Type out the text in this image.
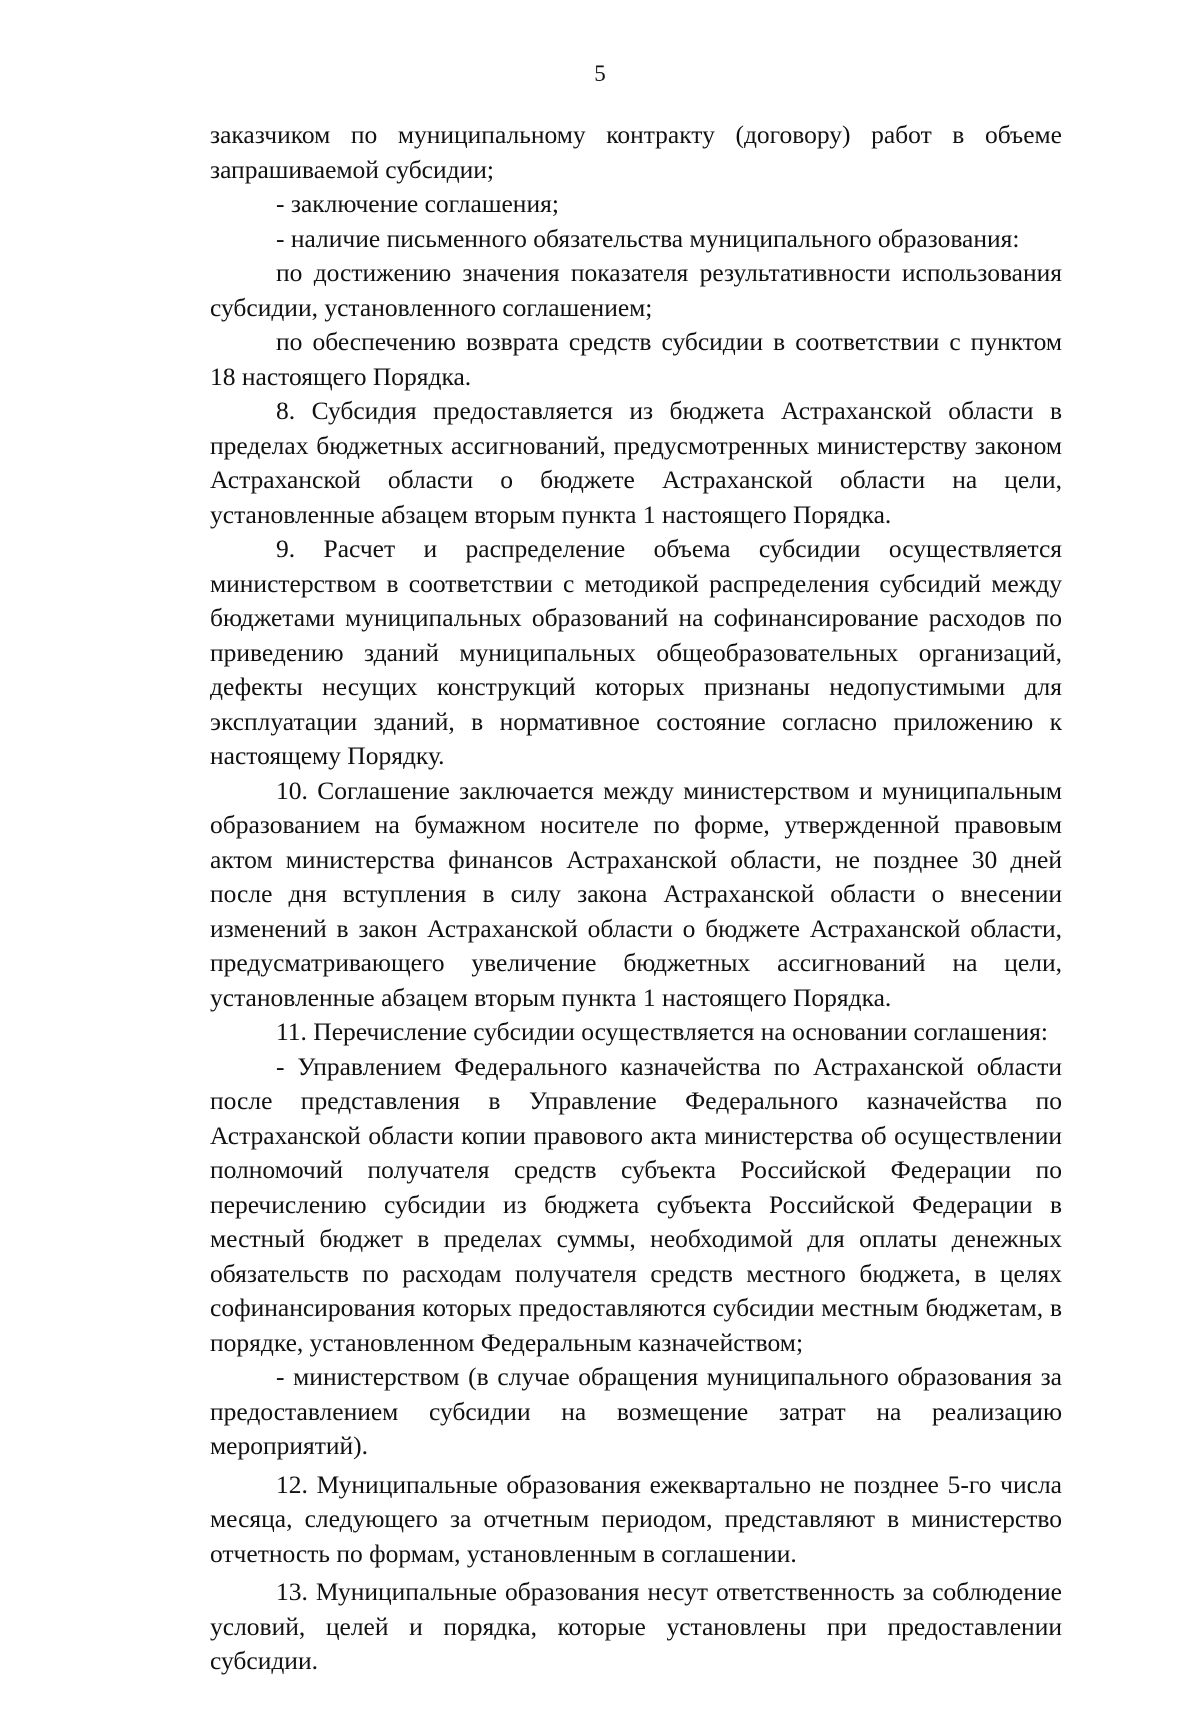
5

заказчиком по муниципальному контракту (договору) работ в объеме запрашиваемой субсидии;

- заключение соглашения;

- наличие письменного обязательства муниципального образования:

по достижению значения показателя результативности использования субсидии, установленного соглашением;

по обеспечению возврата средств субсидии в соответствии с пунктом 18 настоящего Порядка.

8. Субсидия предоставляется из бюджета Астраханской области в пределах бюджетных ассигнований, предусмотренных министерству законом Астраханской области о бюджете Астраханской области на цели, установленные абзацем вторым пункта 1 настоящего Порядка.

9. Расчет и распределение объема субсидии осуществляется министерством в соответствии с методикой распределения субсидий между бюджетами муниципальных образований на софинансирование расходов по приведению зданий муниципальных общеобразовательных организаций, дефекты несущих конструкций которых признаны недопустимыми для эксплуатации зданий, в нормативное состояние согласно приложению к настоящему Порядку.

10. Соглашение заключается между министерством и муниципальным образованием на бумажном носителе по форме, утвержденной правовым актом министерства финансов Астраханской области, не позднее 30 дней после дня вступления в силу закона Астраханской области о внесении изменений в закон Астраханской области о бюджете Астраханской области, предусматривающего увеличение бюджетных ассигнований на цели, установленные абзацем вторым пункта 1 настоящего Порядка.

11. Перечисление субсидии осуществляется на основании соглашения:

- Управлением Федерального казначейства по Астраханской области после представления в Управление Федерального казначейства по Астраханской области копии правового акта министерства об осуществлении полномочий получателя средств субъекта Российской Федерации по перечислению субсидии из бюджета субъекта Российской Федерации в местный бюджет в пределах суммы, необходимой для оплаты денежных обязательств по расходам получателя средств местного бюджета, в целях софинансирования которых предоставляются субсидии местным бюджетам, в порядке, установленном Федеральным казначейством;

- министерством (в случае обращения муниципального образования за предоставлением субсидии на возмещение затрат на реализацию мероприятий).

12. Муниципальные образования ежеквартально не позднее 5-го числа месяца, следующего за отчетным периодом, представляют в министерство отчетность по формам, установленным в соглашении.

13. Муниципальные образования несут ответственность за соблюдение условий, целей и порядка, которые установлены при предоставлении субсидии.
